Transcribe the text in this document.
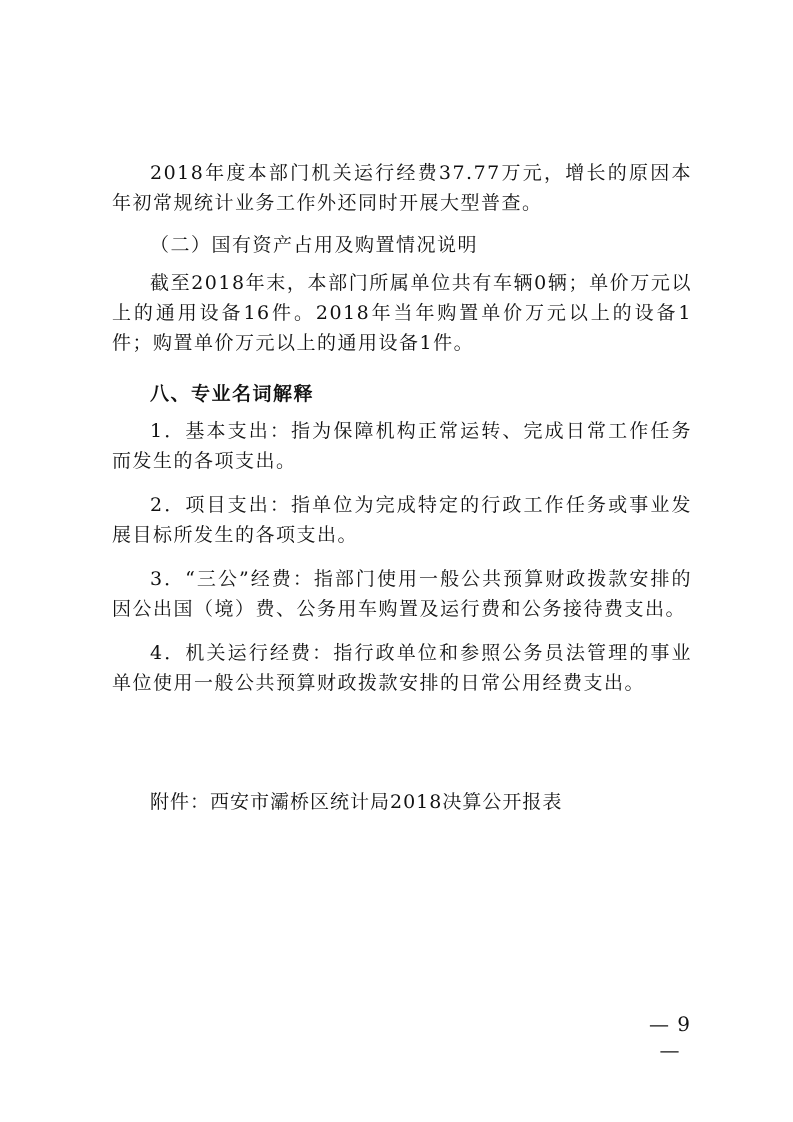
2018年度本部门机关运行经费37.77万元，增长的原因本年初常规统计业务工作外还同时开展大型普查。

（二）国有资产占用及购置情况说明

截至2018年末，本部门所属单位共有车辆0辆；单价万元以上的通用设备16件。2018年当年购置单价万元以上的设备1件；购置单价万元以上的通用设备1件。

八、专业名词解释

1．基本支出：指为保障机构正常运转、完成日常工作任务而发生的各项支出。

2．项目支出：指单位为完成特定的行政工作任务或事业发展目标所发生的各项支出。

3．“三公”经费：指部门使用一般公共预算财政拨款安排的因公出国（境）费、公务用车购置及运行费和公务接待费支出。

4．机关运行经费：指行政单位和参照公务员法管理的事业单位使用一般公共预算财政拨款安排的日常公用经费支出。

附件：西安市灞桥区统计局2018决算公开报表

— 9 —
